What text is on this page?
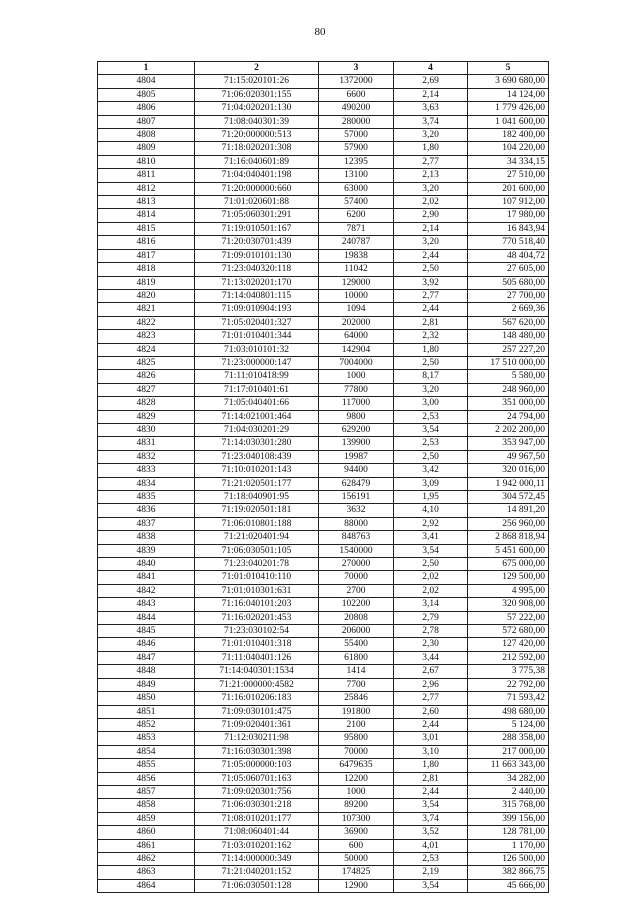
80
1	2	3	4	5
4804	71:15:020101:26	1372000	2,69	3 690 680,00
4805	71:06:020301:155	6600	2,14	14 124,00
4806	71:04:020201:130	490200	3,63	1 779 426,00
4807	71:08:040301:39	280000	3,74	1 041 600,00
4808	71:20:000000:513	57000	3,20	182 400,00
4809	71:18:020201:308	57900	1,80	104 220,00
4810	71:16:040601:89	12395	2,77	34 334,15
4811	71:04:040401:198	13100	2,13	27 510,00
4812	71:20:000000:660	63000	3,20	201 600,00
4813	71:01:020601:88	57400	2,02	107 912,00
4814	71:05:060301:291	6200	2,90	17 980,00
4815	71:19:010501:167	7871	2,14	16 843,94
4816	71:20:030701:439	240787	3,20	770 518,40
4817	71:09:010101:130	19838	2,44	48 404,72
4818	71:23:040320:118	11042	2,50	27 605,00
4819	71:13:020201:170	129000	3,92	505 680,00
4820	71:14:040801:115	10000	2,77	27 700,00
4821	71:09:010904:193	1094	2,44	2 669,36
4822	71:05:020401:327	202000	2,81	567 620,00
4823	71:01:010401:344	64000	2,32	148 480,00
4824	71:03:010101:32	142904	1,80	257 227,20
4825	71:23:000000:147	7004000	2,50	17 510 000,00
4826	71:11:010418:99	1000	8,17	5 580,00
4827	71:17:010401:61	77800	3,20	248 960,00
4828	71:05:040401:66	117000	3,00	351 000,00
4829	71:14:021001:464	9800	2,53	24 794,00
4830	71:04:030201:29	629200	3,54	2 202 200,00
4831	71:14:030301:280	139900	2,53	353 947,00
4832	71:23:040108:439	19987	2,50	49 967,50
4833	71:10:010201:143	94400	3,42	320 016,00
4834	71:21:020501:177	628479	3,09	1 942 000,11
4835	71:18:040901:95	156191	1,95	304 572,45
4836	71:19:020501:181	3632	4,10	14 891,20
4837	71:06:010801:188	88000	2,92	256 960,00
4838	71:21:020401:94	848763	3,41	2 868 818,94
4839	71:06:030501:105	1540000	3,54	5 451 600,00
4840	71:23:040201:78	270000	2,50	675 000,00
4841	71:01:010410:110	70000	2,02	129 500,00
4842	71:01:010301:631	2700	2,02	4 995,00
4843	71:16:040101:203	102200	3,14	320 908,00
4844	71:16:020201:453	20808	2,79	57 222,00
4845	71:23:030102:54	206000	2,78	572 680,00
4846	71:01:010401:318	55400	2,30	127 420,00
4847	71:11:040401:126	61800	3,44	212 592,00
4848	71:14:040301:1534	1414	2,67	3 775,38
4849	71:21:000000:4582	7700	2,96	22 792,00
4850	71:16:010206:183	25846	2,77	71 593,42
4851	71:09:030101:475	191800	2,60	498 680,00
4852	71:09:020401:361	2100	2,44	5 124,00
4853	71:12:030211:98	95800	3,01	288 358,00
4854	71:16:030301:398	70000	3,10	217 000,00
4855	71:05:000000:103	6479635	1,80	11 663 343,00
4856	71:05:060701:163	12200	2,81	34 282,00
4857	71:09:020301:756	1000	2,44	2 440,00
4858	71:06:030301:218	89200	3,54	315 768,00
4859	71:08:010201:177	107300	3,74	399 156,00
4860	71:08:060401:44	36900	3,52	128 781,00
4861	71:03:010201:162	600	4,01	1 170,00
4862	71:14:000000:349	50000	2,53	126 500,00
4863	71:21:040201:152	174825	2,19	382 866,75
4864	71:06:030501:128	12900	3,54	45 666,00
